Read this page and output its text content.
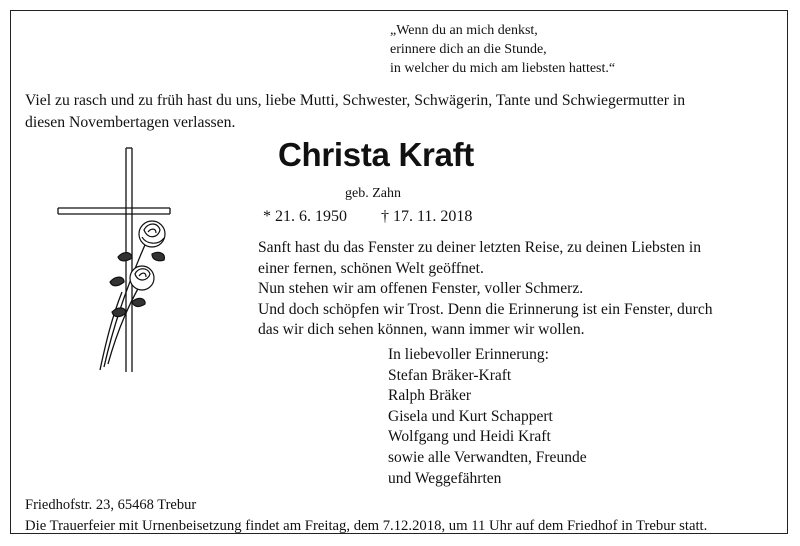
„Wenn du an mich denkst,
erinnere dich an die Stunde,
in welcher du mich am liebsten hattest.“
Viel zu rasch und zu früh hast du uns, liebe Mutti, Schwester, Schwägerin, Tante und Schwiegermutter in
diesen Novembertagen verlassen.
Christa Kraft
geb. Zahn
* 21. 6. 1950 † 17. 11. 2018
Sanft hast du das Fenster zu deiner letzten Reise, zu deinen Liebsten in
einer fernen, schönen Welt geöffnet.
Nun stehen wir am offenen Fenster, voller Schmerz.
Und doch schöpfen wir Trost. Denn die Erinnerung ist ein Fenster, durch
das wir dich sehen können, wann immer wir wollen.
In liebevoller Erinnerung:
Stefan Bräker-Kraft
Ralph Bräker
Gisela und Kurt Schappert
Wolfgang und Heidi Kraft
sowie alle Verwandten, Freunde
und Weggefährten
Friedhofstr. 23, 65468 Trebur
Die Trauerfeier mit Urnenbeisetzung findet am Freitag, dem 7.12.2018, um 11 Uhr auf dem Friedhof in Trebur statt.
